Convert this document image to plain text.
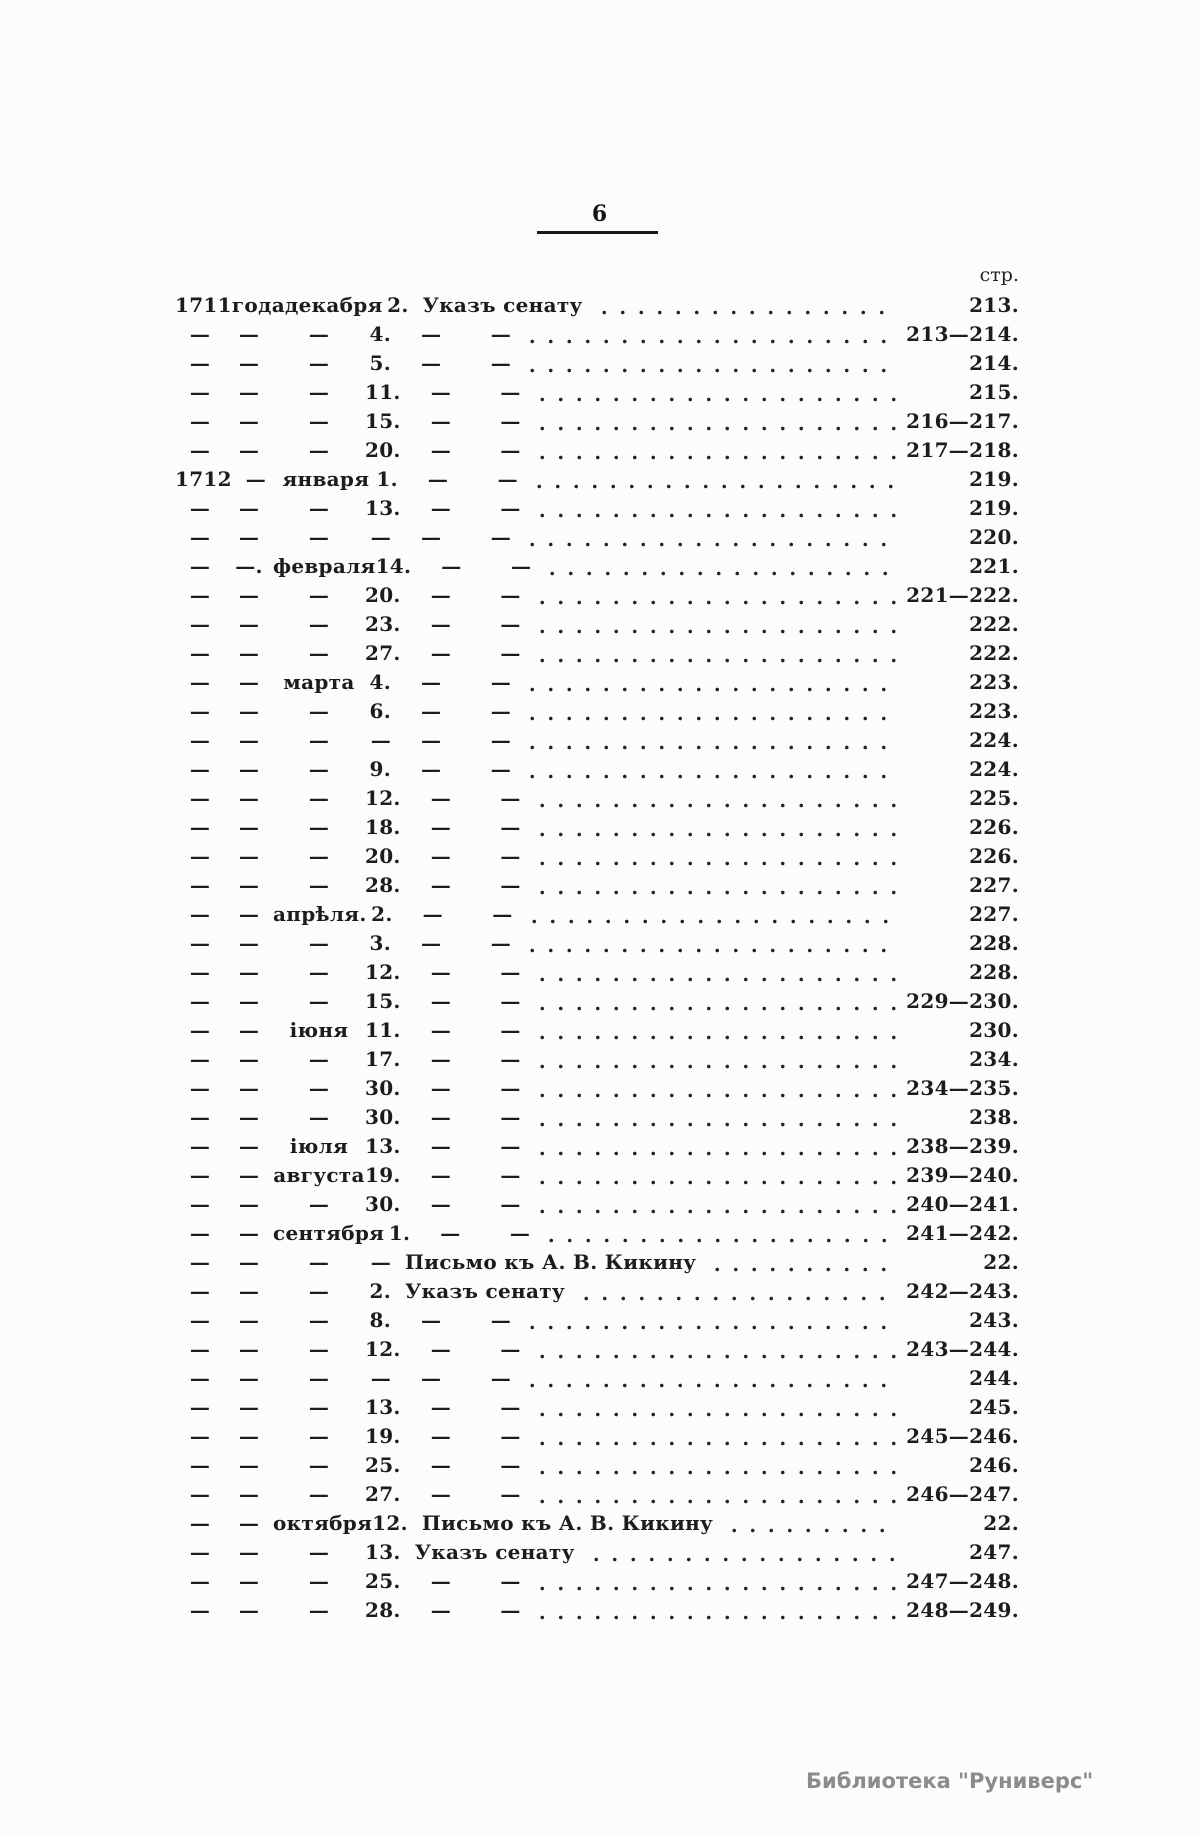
6
стр.
1711 года декабря 2. Указъ сенату	213.
—	—	—	4. — —	213—214.
—	—	—	5. — —	214.
—	—	—	11. — —	215.
—	—	—	15. — —	216—217.
—	—	—	20. — —	217—218.
1712 — января 1. — —	219.
—	—	—	13. — —	219.
—	—	—	— — —	220.
—	—. февраля 14. — —	221.
—	—	—	20. — —	221—222.
—	—	—	23. — —	222.
—	—	—	27. — —	222.
—	—	марта 4. — —	223.
—	—	—	6. — —	223.
—	—	—	— — —	224.
—	—	—	9. — —	224.
—	—	—	12. — —	225.
—	—	—	18. — —	226.
—	—	—	20. — —	226.
—	—	—	28. — —	227.
—	— апрѣля. 2. — —	227.
—	—	—	3. — —	228.
—	—	—	12. — —	228.
—	—	—	15. — —	229—230.
—	—	іюня 11. — —	230.
—	—	—	17. — —	234.
—	—	—	30. — —	234—235.
—	—	—	30. — —	238.
—	—	іюля 13. — —	238—239.
—	— августа 19. — —	239—240.
—	—	—	30. — —	240—241.
—	— сентября 1. — —	241—242.
—	—	—	— Письмо къ А. В. Кикину	22.
—	—	—	2. Указъ сенату	242—243.
—	—	—	8. — —	243.
—	—	—	12. — —	243—244.
—	—	—	— — —	244.
—	—	—	13. — —	245.
—	—	—	19. — —	245—246.
—	—	—	25. — —	246.
—	—	—	27. — —	246—247.
—	— октября 12. Письмо къ А. В. Кикину	22.
—	—	—	13. Указъ сенату	247.
—	—	—	25. — —	247—248.
—	—	—	28. — —	248—249.
Библиотека "Руниверс"
